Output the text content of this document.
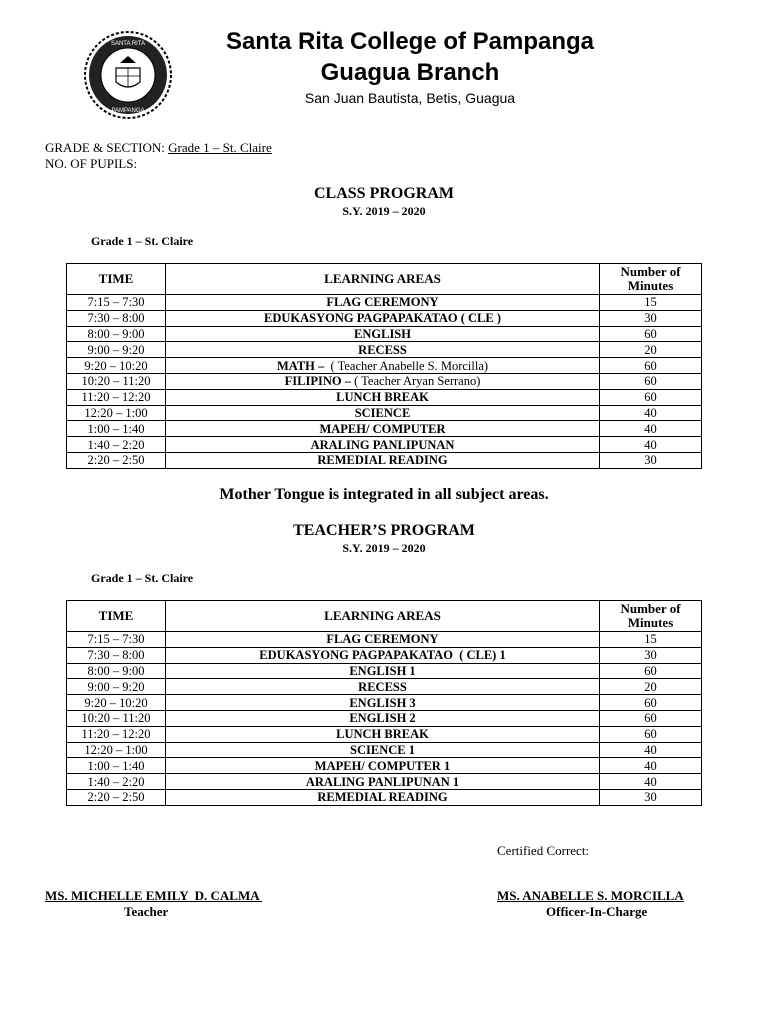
SANTA RITA
PAMPANGA
Santa Rita College of Pampanga
Guagua Branch
San Juan Bautista, Betis, Guagua
GRADE & SECTION: Grade 1 – St. Claire
NO. OF PUPILS:
CLASS PROGRAM
S.Y. 2019 – 2020
Grade 1 – St. Claire
TIME	LEARNING AREAS	Number of Minutes
7:15 – 7:30	FLAG CEREMONY	15
7:30 – 8:00	EDUKASYONG PAGPAPAKATAO ( CLE )	30
8:00 – 9:00	ENGLISH	60
9:00 – 9:20	RECESS	20
9:20 – 10:20	MATH –  ( Teacher Anabelle S. Morcilla)	60
10:20 – 11:20	FILIPINO – ( Teacher Aryan Serrano)	60
11:20 – 12:20	LUNCH BREAK	60
12:20 – 1:00	SCIENCE	40
1:00 – 1:40	MAPEH/ COMPUTER	40
1:40 – 2:20	ARALING PANLIPUNAN	40
2:20 – 2:50	REMEDIAL READING	30
Mother Tongue is integrated in all subject areas.
TEACHER’S PROGRAM
S.Y. 2019 – 2020
Grade 1 – St. Claire
TIME	LEARNING AREAS	Number of Minutes
7:15 – 7:30	FLAG CEREMONY	15
7:30 – 8:00	EDUKASYONG PAGPAPAKATAO  ( CLE) 1	30
8:00 – 9:00	ENGLISH 1	60
9:00 – 9:20	RECESS	20
9:20 – 10:20	ENGLISH 3	60
10:20 – 11:20	ENGLISH 2	60
11:20 – 12:20	LUNCH BREAK	60
12:20 – 1:00	SCIENCE 1	40
1:00 – 1:40	MAPEH/ COMPUTER 1	40
1:40 – 2:20	ARALING PANLIPUNAN 1	40
2:20 – 2:50	REMEDIAL READING	30
Certified Correct:
MS. MICHELLE EMILY  D. CALMA
Teacher
MS. ANABELLE S. MORCILLA
Officer-In-Charge
